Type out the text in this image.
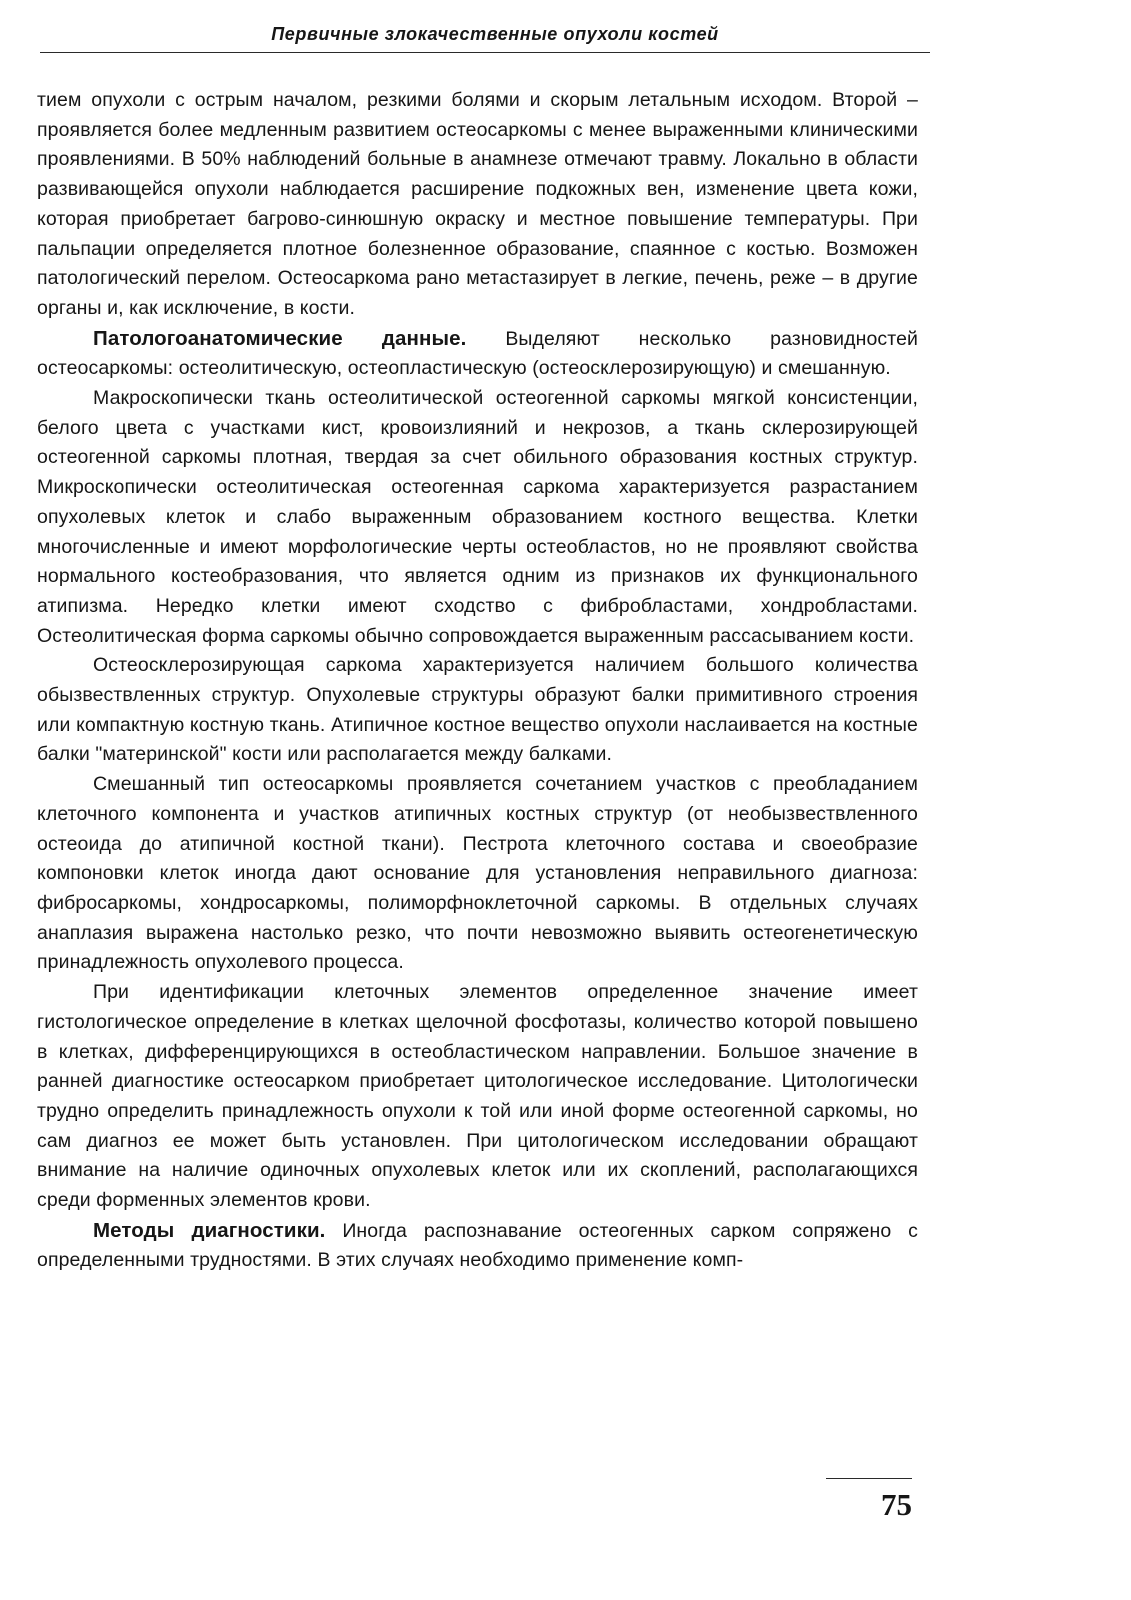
Первичные злокачественные опухоли костей

тием опухоли с острым началом, резкими болями и скорым летальным исходом. Второй – проявляется более медленным развитием остеосаркомы с менее выраженными клиническими проявлениями. В 50% наблюдений больные в анамнезе отмечают травму. Локально в области развивающейся опухоли наблюдается расширение подкожных вен, изменение цвета кожи, которая приобретает багрово-синюшную окраску и местное повышение температуры. При пальпации определяется плотное болезненное образование, спаянное с костью. Возможен патологический перелом. Остеосаркома рано метастазирует в легкие, печень, реже – в другие органы и, как исключение, в кости.

Патологоанатомические данные. Выделяют несколько разновидностей остеосаркомы: остеолитическую, остеопластическую (остеосклерозирующую) и смешанную.

Макроскопически ткань остеолитической остеогенной саркомы мягкой консистенции, белого цвета с участками кист, кровоизлияний и некрозов, а ткань склерозирующей остеогенной саркомы плотная, твердая за счет обильного образования костных структур. Микроскопически остеолитическая остеогенная саркома характеризуется разрастанием опухолевых клеток и слабо выраженным образованием костного вещества. Клетки многочисленные и имеют морфологические черты остеобластов, но не проявляют свойства нормального костеобразования, что является одним из признаков их функционального атипизма. Нередко клетки имеют сходство с фибробластами, хондробластами. Остеолитическая форма саркомы обычно сопровождается выраженным рассасыванием кости.

Остеосклерозирующая саркома характеризуется наличием большого количества обызвествленных структур. Опухолевые структуры образуют балки примитивного строения или компактную костную ткань. Атипичное костное вещество опухоли наслаивается на костные балки "материнской" кости или располагается между балками.

Смешанный тип остеосаркомы проявляется сочетанием участков с преобладанием клеточного компонента и участков атипичных костных структур (от необызвествленного остеоида до атипичной костной ткани). Пестрота клеточного состава и своеобразие компоновки клеток иногда дают основание для установления неправильного диагноза: фибросаркомы, хондросаркомы, полиморфноклеточной саркомы. В отдельных случаях анаплазия выражена настолько резко, что почти невозможно выявить остеогенетическую принадлежность опухолевого процесса.

При идентификации клеточных элементов определенное значение имеет гистологическое определение в клетках щелочной фосфотазы, количество которой повышено в клетках, дифференцирующихся в остеобластическом направлении. Большое значение в ранней диагностике остеосарком приобретает цитологическое исследование. Цитологически трудно определить принадлежность опухоли к той или иной форме остеогенной саркомы, но сам диагноз ее может быть установлен. При цитологическом исследовании обращают внимание на наличие одиночных опухолевых клеток или их скоплений, располагающихся среди форменных элементов крови.

Методы диагностики. Иногда распознавание остеогенных сарком сопряжено с определенными трудностями. В этих случаях необходимо применение комп-

75
